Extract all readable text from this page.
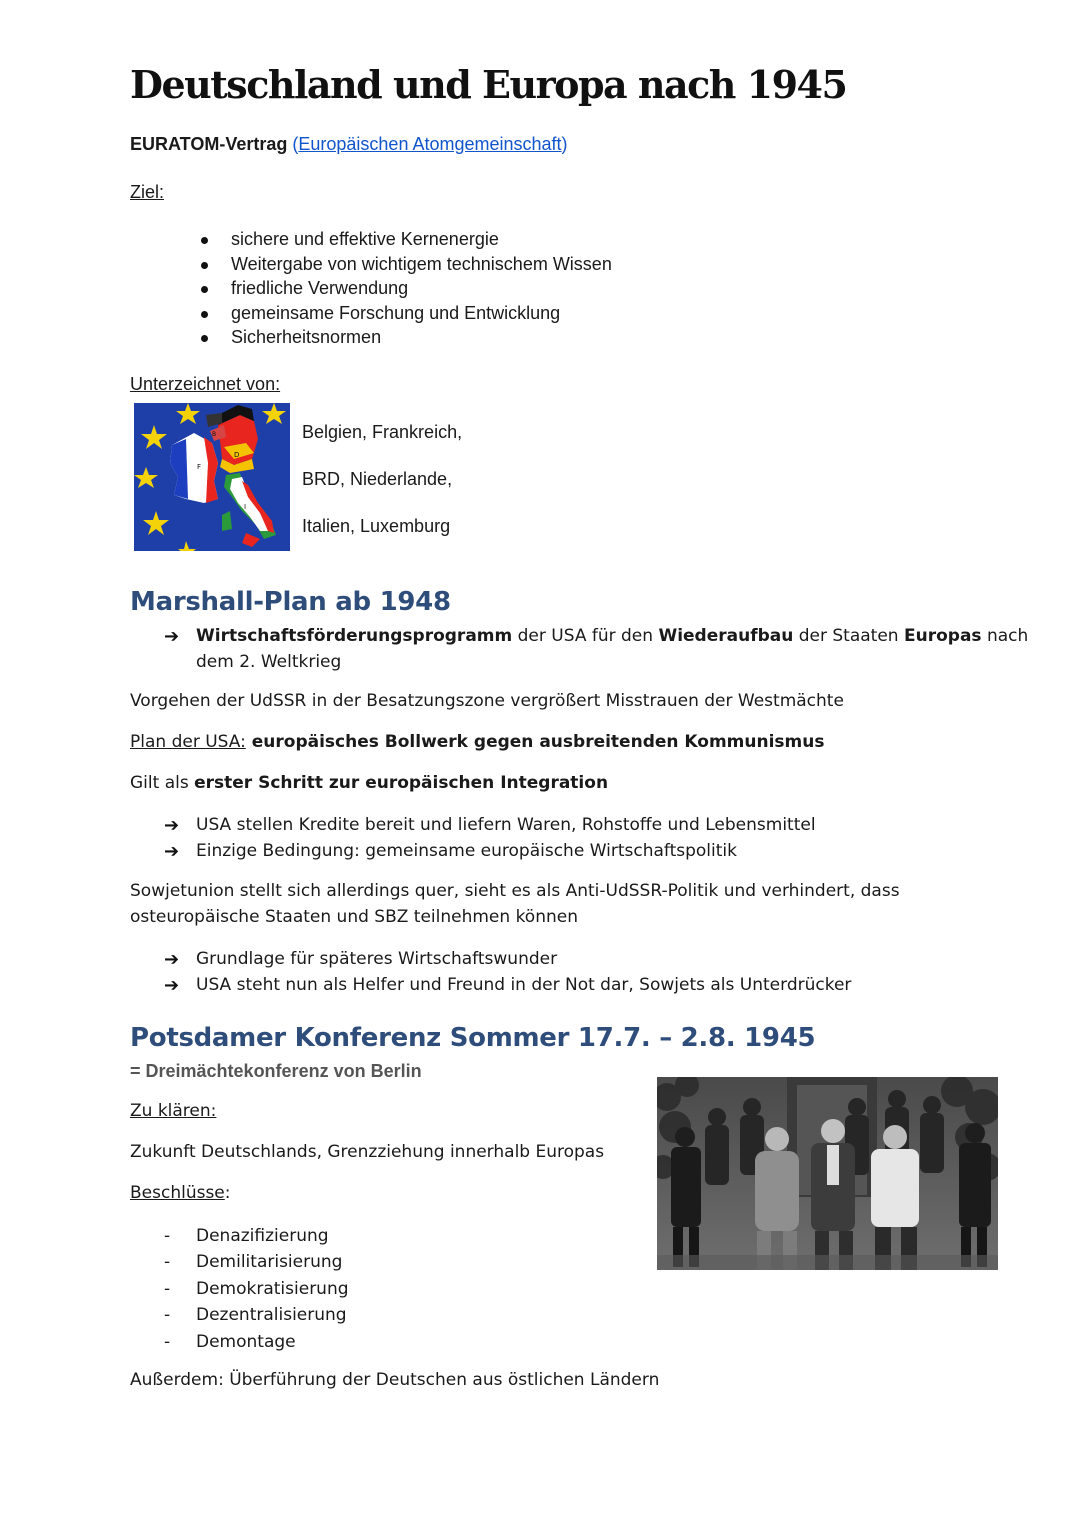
Deutschland und Europa nach 1945
EURATOM-Vertrag (Europäischen Atomgemeinschaft)
Ziel:
sichere und effektive Kernenergie
Weitergabe von wichtigem technischem Wissen
friedliche Verwendung
gemeinsame Forschung und Entwicklung
Sicherheitsnormen
Unterzeichnet von:
F
D
I
B	Belgien, Frankreich,
BRD, Niederlande,
Italien, Luxemburg
Marshall-Plan ab 1948
➔ Wirtschaftsförderungsprogramm der USA für den Wiederaufbau der Staaten Europas nach
dem 2. Weltkrieg
Vorgehen der UdSSR in der Besatzungszone vergrößert Misstrauen der Westmächte
Plan der USA: europäisches Bollwerk gegen ausbreitenden Kommunismus
Gilt als erster Schritt zur europäischen Integration
➔ USA stellen Kredite bereit und liefern Waren, Rohstoffe und Lebensmittel
➔ Einzige Bedingung: gemeinsame europäische Wirtschaftspolitik
Sowjetunion stellt sich allerdings quer, sieht es als Anti-UdSSR-Politik und verhindert, dass
osteuropäische Staaten und SBZ teilnehmen können
➔ Grundlage für späteres Wirtschaftswunder
➔ USA steht nun als Helfer und Freund in der Not dar, Sowjets als Unterdrücker
Potsdamer Konferenz Sommer 17.7. – 2.8. 1945
= Dreimächtekonferenz von Berlin
Zu klären:
Zukunft Deutschlands, Grenzziehung innerhalb Europas
Beschlüsse:
- Denazifizierung
- Demilitarisierung
- Demokratisierung
- Dezentralisierung
- Demontage
Außerdem: Überführung der Deutschen aus östlichen Ländern
